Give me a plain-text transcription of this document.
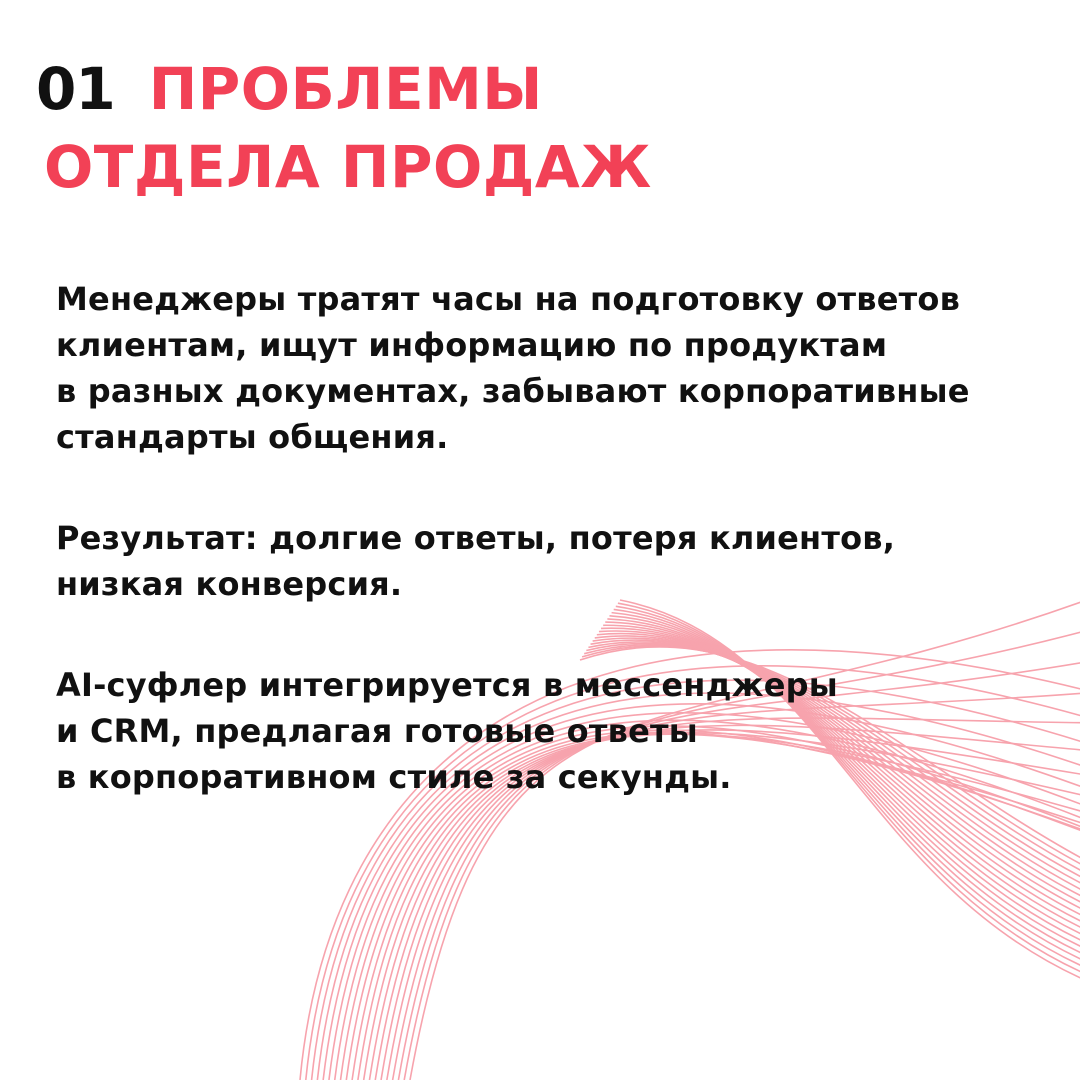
01 ПРОБЛЕМЫ
ОТДЕЛА ПРОДАЖ

Менеджеры тратят часы на подготовку ответов
клиентам, ищут информацию по продуктам
в разных документах, забывают корпоративные
стандарты общения.

Результат: долгие ответы, потеря клиентов,
низкая конверсия.

AI-суфлер интегрируется в мессенджеры
и CRM, предлагая готовые ответы
в корпоративном стиле за секунды.
